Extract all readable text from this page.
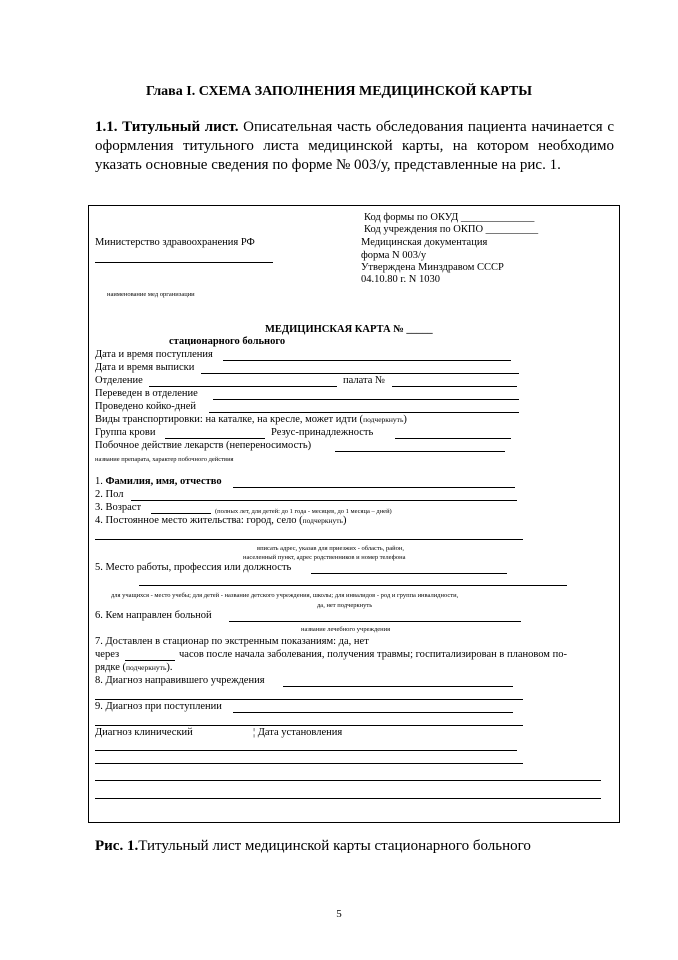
Глава I. СХЕМА ЗАПОЛНЕНИЯ МЕДИЦИНСКОЙ КАРТЫ
1.1. Титульный лист. Описательная часть обследования пациента начинается с оформления титульного листа медицинской карты, на котором необходимо указать основные сведения по форме № 003/у, представленные на рис. 1.
Код формы по ОКУД ______________
Код учреждения по ОКПО __________
Министерство здравоохранения РФ	Медицинская документация
форма N 003/у
Утверждена Минздравом СССР
04.10.80 г. N 1030
наименование мед организации
МЕДИЦИНСКАЯ КАРТА № _____
стационарного больного
Дата и время поступления
Дата и время выписки
Отделение	палата №
Переведен в отделение
Проведено койко-дней
Виды транспортировки: на каталке, на кресле, может идти (подчеркнуть)
Группа крови	Резус-принадлежность
Побочное действие лекарств (непереносимость)
название препарата, характер побочного действия
1. Фамилия, имя, отчество
2. Пол
3. Возраст	(полных лет, для детей: до 1 года - месяцев, до 1 месяца – дней)
4. Постоянное место жительства: город, село (подчеркнуть)
вписать адрес, указав для приезжих - область, район,
населенный пункт, адрес родственников и номер телефона
5. Место работы, профессия или должность
для учащихся - место учебы; для детей - название детского учреждения, школы; для инвалидов - род и группа инвалидности,
да, нет подчеркнуть
6. Кем направлен больной
название лечебного учреждения
7. Доставлен в стационар по экстренным показаниям: да, нет
через	часов после начала заболевания, получения травмы; госпитализирован в плановом по-
рядке (подчеркнуть).
8. Диагноз направившего учреждения
9. Диагноз при поступлении
Диагноз клинический	¦ Дата установления
Рис. 1.Титульный лист медицинской карты стационарного больного
5
